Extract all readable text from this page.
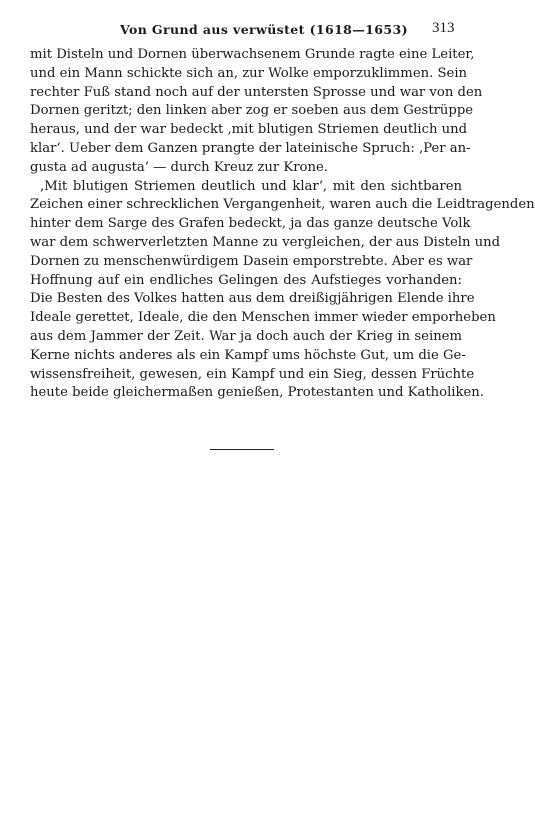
Von Grund aus verwüstet (1618—1653) 313
mit Disteln und Dornen überwachsenem Grunde ragte eine Leiter,
und ein Mann schickte sich an, zur Wolke emporzuklimmen. Sein
rechter Fuß stand noch auf der untersten Sprosse und war von den
Dornen geritzt; den linken aber zog er soeben aus dem Gestrüppe
heraus, und der war bedeckt ‚mit blutigen Striemen deutlich und
klar‘. Ueber dem Ganzen prangte der lateinische Spruch: ‚Per an-
gusta ad augusta‘ — durch Kreuz zur Krone.
‚Mit blutigen Striemen deutlich und klar‘, mit den sichtbaren
Zeichen einer schrecklichen Vergangenheit, waren auch die Leidtragenden
hinter dem Sarge des Grafen bedeckt, ja das ganze deutsche Volk
war dem schwerverletzten Manne zu vergleichen, der aus Disteln und
Dornen zu menschenwürdigem Dasein emporstrebte. Aber es war
Hoffnung auf ein endliches Gelingen des Aufstieges vorhanden:
Die Besten des Volkes hatten aus dem dreißigjährigen Elende ihre
Ideale gerettet, Ideale, die den Menschen immer wieder emporheben
aus dem Jammer der Zeit. War ja doch auch der Krieg in seinem
Kerne nichts anderes als ein Kampf ums höchste Gut, um die Ge-
wissensfreiheit, gewesen, ein Kampf und ein Sieg, dessen Früchte
heute beide gleichermaßen genießen, Protestanten und Katholiken.
